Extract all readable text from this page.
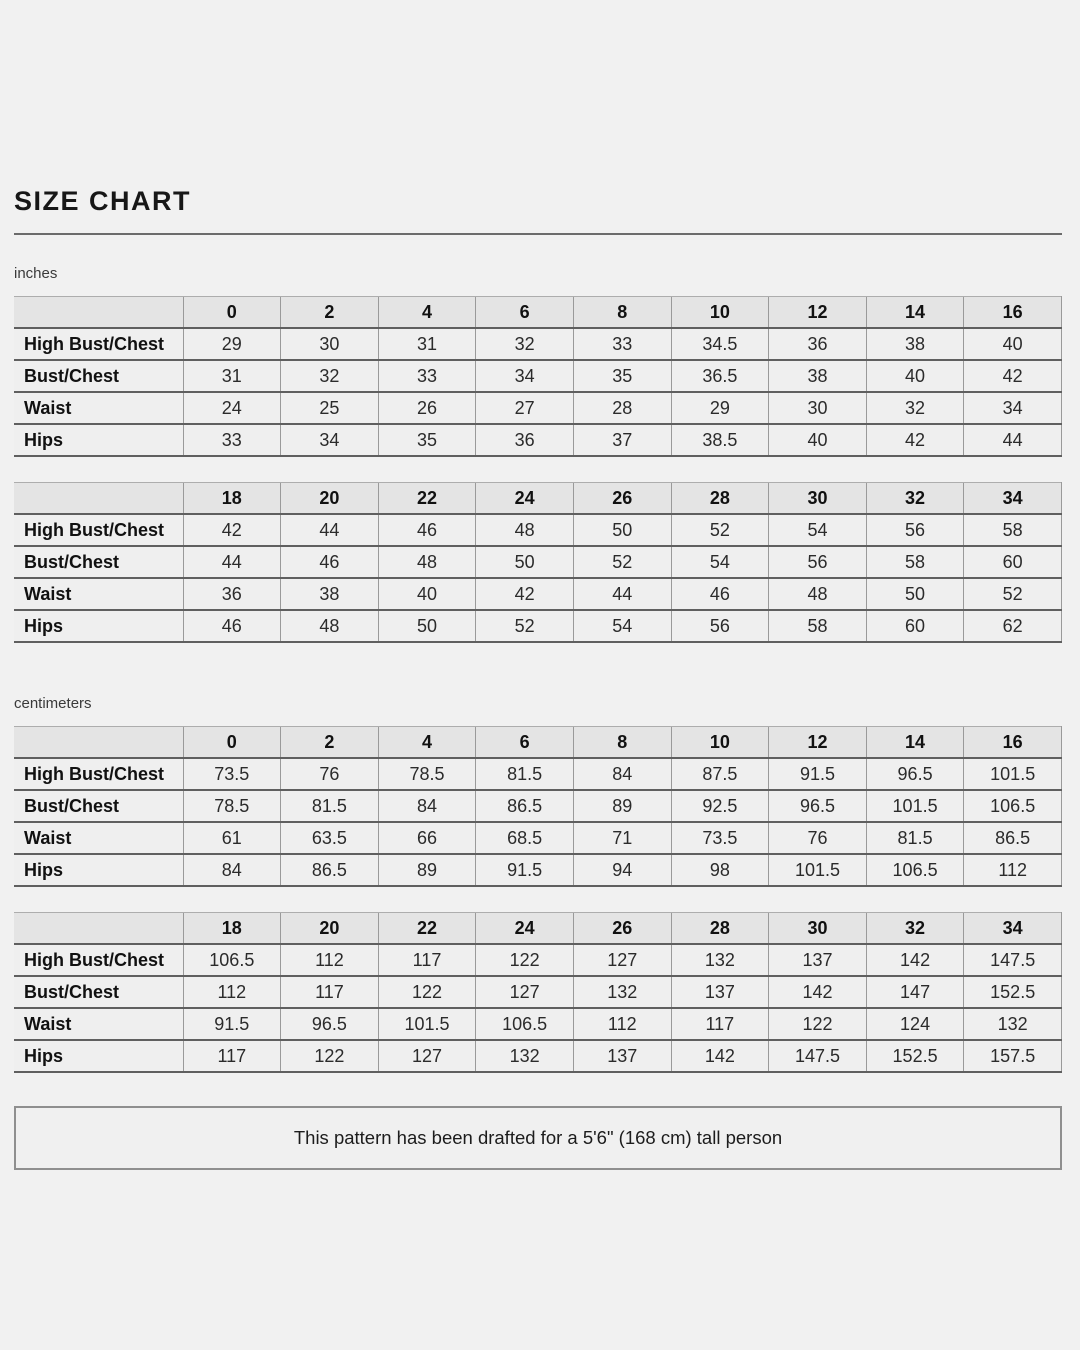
SIZE CHART
inches
	0	2	4	6	8	10	12	14	16
High Bust/Chest	29	30	31	32	33	34.5	36	38	40
Bust/Chest	31	32	33	34	35	36.5	38	40	42
Waist	24	25	26	27	28	29	30	32	34
Hips	33	34	35	36	37	38.5	40	42	44
	18	20	22	24	26	28	30	32	34
High Bust/Chest	42	44	46	48	50	52	54	56	58
Bust/Chest	44	46	48	50	52	54	56	58	60
Waist	36	38	40	42	44	46	48	50	52
Hips	46	48	50	52	54	56	58	60	62
centimeters
	0	2	4	6	8	10	12	14	16
High Bust/Chest	73.5	76	78.5	81.5	84	87.5	91.5	96.5	101.5
Bust/Chest	78.5	81.5	84	86.5	89	92.5	96.5	101.5	106.5
Waist	61	63.5	66	68.5	71	73.5	76	81.5	86.5
Hips	84	86.5	89	91.5	94	98	101.5	106.5	112
	18	20	22	24	26	28	30	32	34
High Bust/Chest	106.5	112	117	122	127	132	137	142	147.5
Bust/Chest	112	117	122	127	132	137	142	147	152.5
Waist	91.5	96.5	101.5	106.5	112	117	122	124	132
Hips	117	122	127	132	137	142	147.5	152.5	157.5
This pattern has been drafted for a 5'6" (168 cm) tall person
